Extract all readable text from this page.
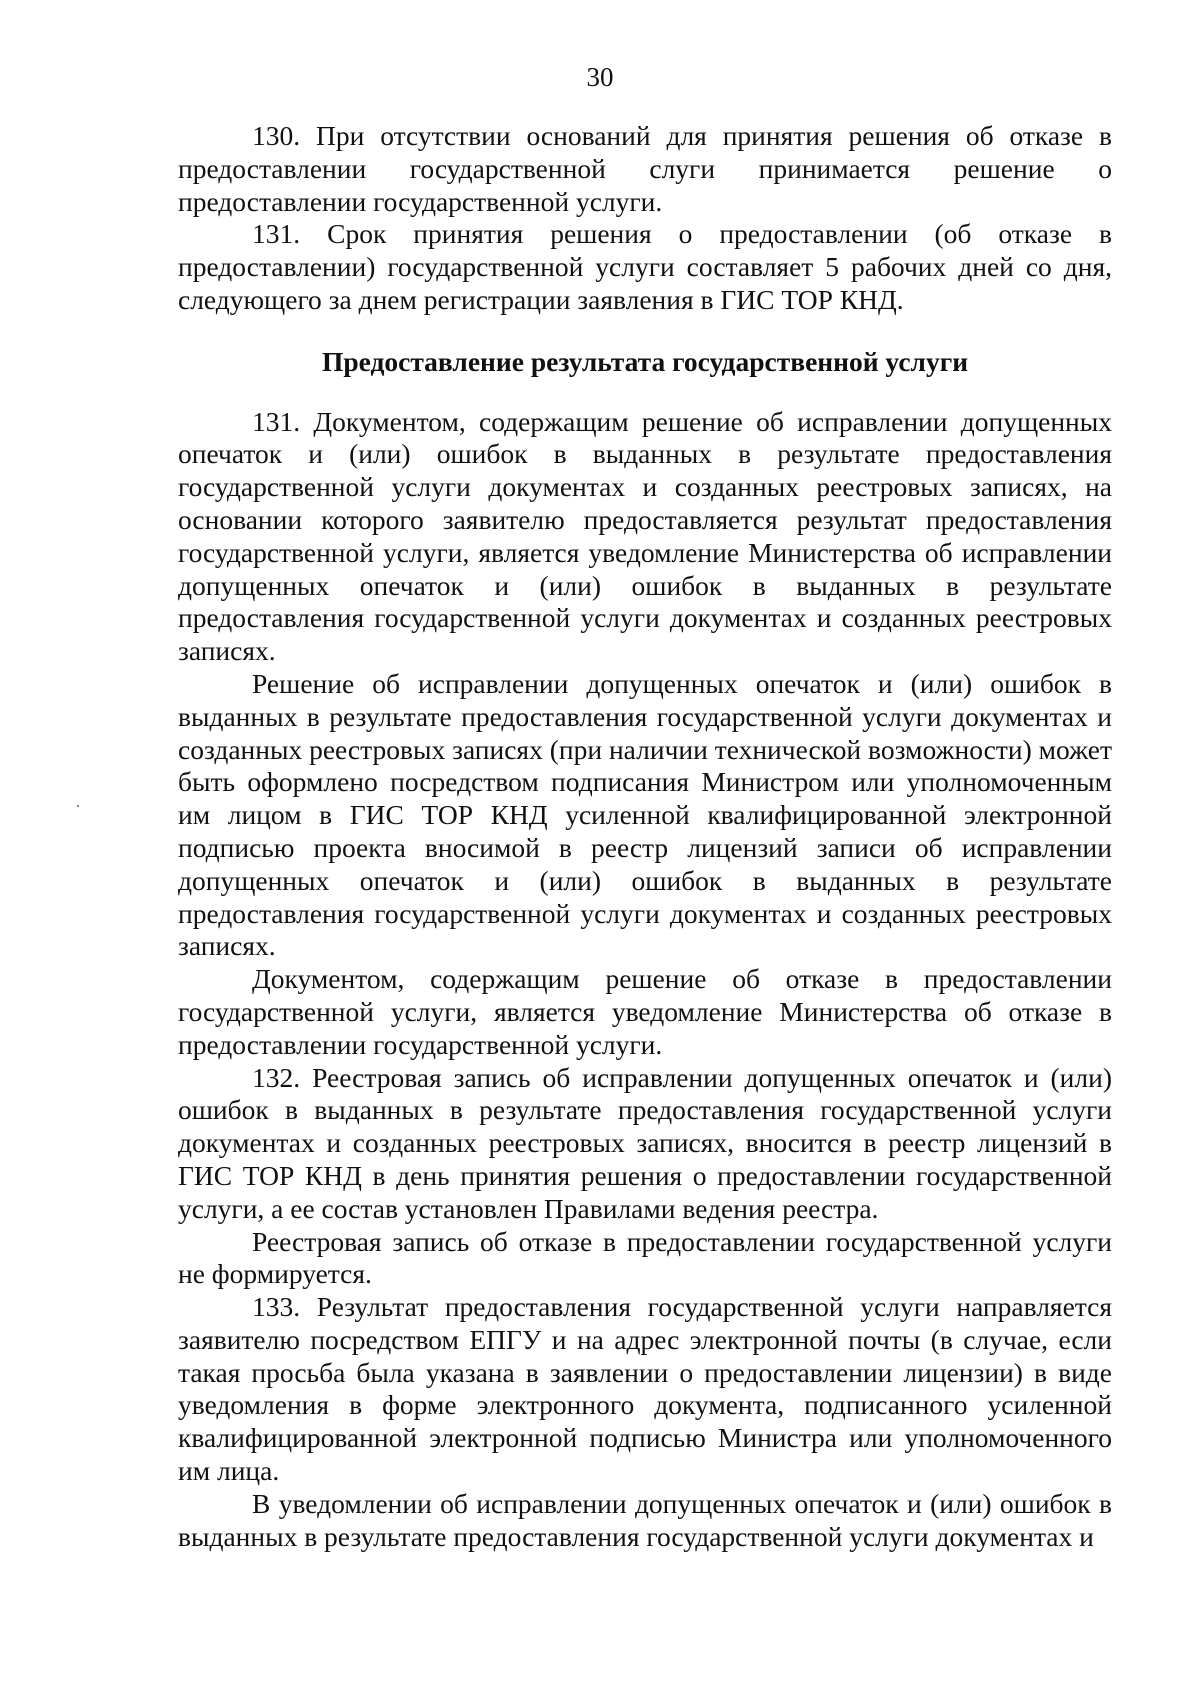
30

130. При отсутствии оснований для принятия решения об отказе в предоставлении государственной слуги принимается решение о предоставлении государственной услуги.

131. Срок принятия решения о предоставлении (об отказе в предоставлении) государственной услуги составляет 5 рабочих дней со дня, следующего за днем регистрации заявления в ГИС ТОР КНД.

Предоставление результата государственной услуги

131. Документом, содержащим решение об исправлении допущенных опечаток и (или) ошибок в выданных в результате предоставления государственной услуги документах и созданных реестровых записях, на основании которого заявителю предоставляется результат предоставления государственной услуги, является уведомление Министерства об исправлении допущенных опечаток и (или) ошибок в выданных в результате предоставления государственной услуги документах и созданных реестровых записях.

Решение об исправлении допущенных опечаток и (или) ошибок в выданных в результате предоставления государственной услуги документах и созданных реестровых записях (при наличии технической возможности) может быть оформлено посредством подписания Министром или уполномоченным им лицом в ГИС ТОР КНД усиленной квалифицированной электронной подписью проекта вносимой в реестр лицензий записи об исправлении допущенных опечаток и (или) ошибок в выданных в результате предоставления государственной услуги документах и созданных реестровых записях.

Документом, содержащим решение об отказе в предоставлении государственной услуги, является уведомление Министерства об отказе в предоставлении государственной услуги.

132. Реестровая запись об исправлении допущенных опечаток и (или) ошибок в выданных в результате предоставления государственной услуги документах и созданных реестровых записях, вносится в реестр лицензий в ГИС ТОР КНД в день принятия решения о предоставлении государственной услуги, а ее состав установлен Правилами ведения реестра.

Реестровая запись об отказе в предоставлении государственной услуги не формируется.

133. Результат предоставления государственной услуги направляется заявителю посредством ЕПГУ и на адрес электронной почты (в случае, если такая просьба была указана в заявлении о предоставлении лицензии) в виде уведомления в форме электронного документа, подписанного усиленной квалифицированной электронной подписью Министра или уполномоченного им лица.

В уведомлении об исправлении допущенных опечаток и (или) ошибок в выданных в результате предоставления государственной услуги документах и
